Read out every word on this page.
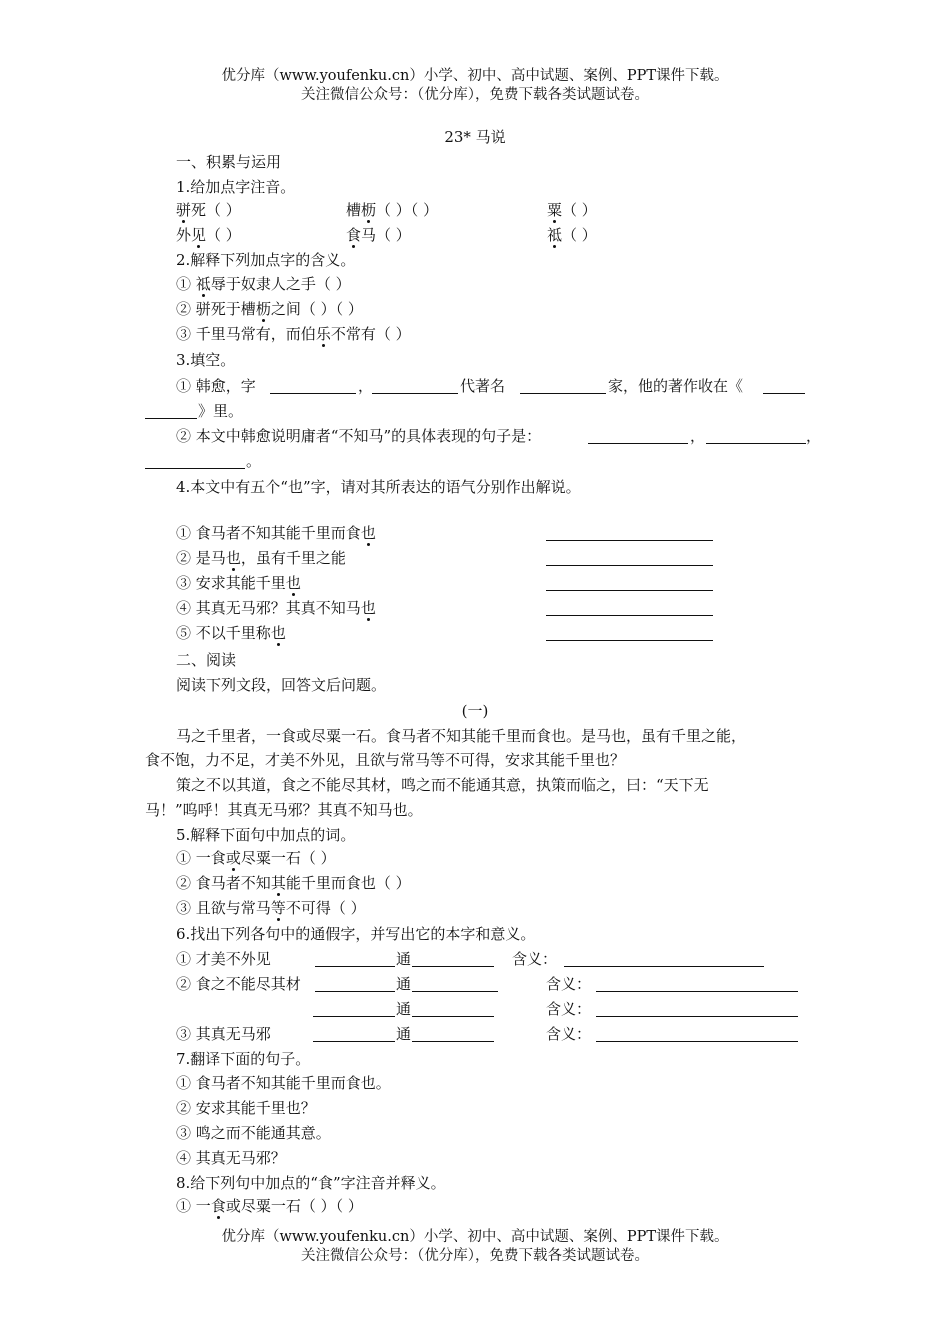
优分库（www.youfenku.cn）小学、初中、高中试题、案例、PPT课件下载。
关注微信公众号：（优分库），免费下载各类试题试卷。
23* 马说
一、积累与运用
1.给加点字注音。
骈死（ ）	槽枥（ ）（ ）	粟（ ）
外见（ ）	食马（ ）	祗（ ）
2.解释下列加点字的含义。
① 祗辱于奴隶人之手（ ）
② 骈死于槽枥之间（ ）（ ）
③ 千里马常有，而伯乐不常有（ ）
3.填空。
① 韩愈，字	，	代著名	家，他的著作收在《
》里。
② 本文中韩愈说明庸者“不知马”的具体表现的句子是：	，	，
。
4.本文中有五个“也”字，请对其所表达的语气分别作出解说。
① 食马者不知其能千里而食也
② 是马也，虽有千里之能
③ 安求其能千里也
④ 其真无马邪？其真不知马也
⑤ 不以千里称也
二、阅读
阅读下列文段，回答文后问题。
(一)
马之千里者，一食或尽粟一石。食马者不知其能千里而食也。是马也，虽有千里之能，
食不饱，力不足，才美不外见，且欲与常马等不可得，安求其能千里也？
策之不以其道，食之不能尽其材，鸣之而不能通其意，执策而临之，曰：“天下无
马！”呜呼！其真无马邪？其真不知马也。
5.解释下面句中加点的词。
① 一食或尽粟一石（ ）
② 食马者不知其能千里而食也（ ）
③ 且欲与常马等不可得（ ）
6.找出下列各句中的通假字，并写出它的本字和意义。
① 才美不外见	通	含义：
② 食之不能尽其材	通	含义：
通	含义：
③ 其真无马邪	通	含义：
7.翻译下面的句子。
① 食马者不知其能千里而食也。
② 安求其能千里也？
③ 鸣之而不能通其意。
④ 其真无马邪？
8.给下列句中加点的“食”字注音并释义。
① 一食或尽粟一石（ ）（ ）
优分库（www.youfenku.cn）小学、初中、高中试题、案例、PPT课件下载。
关注微信公众号：（优分库），免费下载各类试题试卷。
